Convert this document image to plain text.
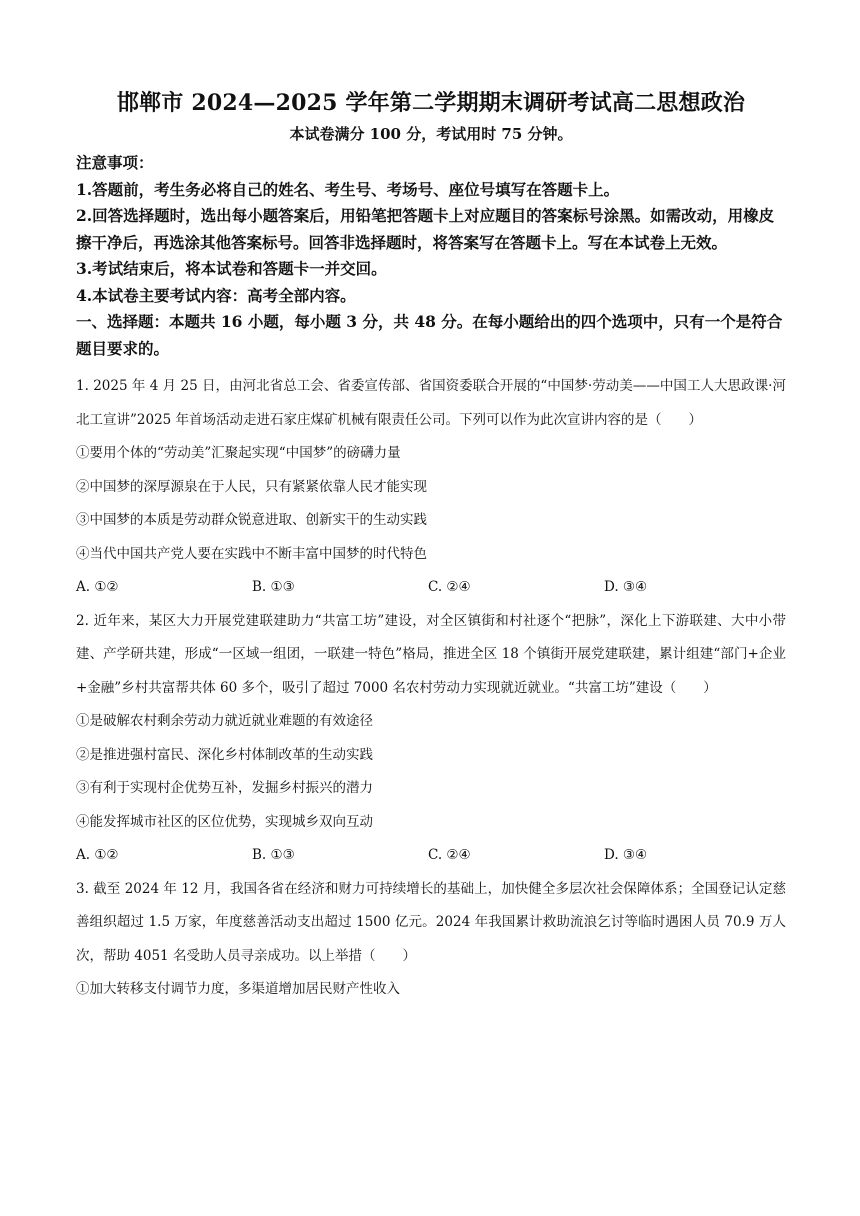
邯郸市 2024—2025 学年第二学期期末调研考试高二思想政治
本试卷满分 100 分，考试用时 75 分钟。
注意事项：
1.答题前，考生务必将自己的姓名、考生号、考场号、座位号填写在答题卡上。
2.回答选择题时，选出每小题答案后，用铅笔把答题卡上对应题目的答案标号涂黑。如需改动，用橡皮擦干净后，再选涂其他答案标号。回答非选择题时，将答案写在答题卡上。写在本试卷上无效。
3.考试结束后，将本试卷和答题卡一并交回。
4.本试卷主要考试内容：高考全部内容。
一、选择题：本题共 16 小题，每小题 3 分，共 48 分。在每小题给出的四个选项中，只有一个是符合题目要求的。
1. 2025 年 4 月 25 日，由河北省总工会、省委宣传部、省国资委联合开展的“中国梦·劳动美——中国工人大思政课·河北工宣讲”2025 年首场活动走进石家庄煤矿机械有限责任公司。下列可以作为此次宣讲内容的是（　　）
①要用个体的“劳动美”汇聚起实现“中国梦”的磅礴力量
②中国梦的深厚源泉在于人民，只有紧紧依靠人民才能实现
③中国梦的本质是劳动群众锐意进取、创新实干的生动实践
④当代中国共产党人要在实践中不断丰富中国梦的时代特色
A. ①②	B. ①③	C. ②④	D. ③④
2. 近年来，某区大力开展党建联建助力“共富工坊”建设，对全区镇街和村社逐个“把脉”，深化上下游联建、大中小带建、产学研共建，形成“一区域一组团，一联建一特色”格局，推进全区 18 个镇街开展党建联建，累计组建“部门+企业+金融”乡村共富帮共体 60 多个，吸引了超过 7000 名农村劳动力实现就近就业。“共富工坊”建设（　　）
①是破解农村剩余劳动力就近就业难题的有效途径
②是推进强村富民、深化乡村体制改革的生动实践
③有利于实现村企优势互补，发掘乡村振兴的潜力
④能发挥城市社区的区位优势，实现城乡双向互动
A. ①②	B. ①③	C. ②④	D. ③④
3. 截至 2024 年 12 月，我国各省在经济和财力可持续增长的基础上，加快健全多层次社会保障体系；全国登记认定慈善组织超过 1.5 万家，年度慈善活动支出超过 1500 亿元。2024 年我国累计救助流浪乞讨等临时遇困人员 70.9 万人次，帮助 4051 名受助人员寻亲成功。以上举措（　　）
①加大转移支付调节力度，多渠道增加居民财产性收入
